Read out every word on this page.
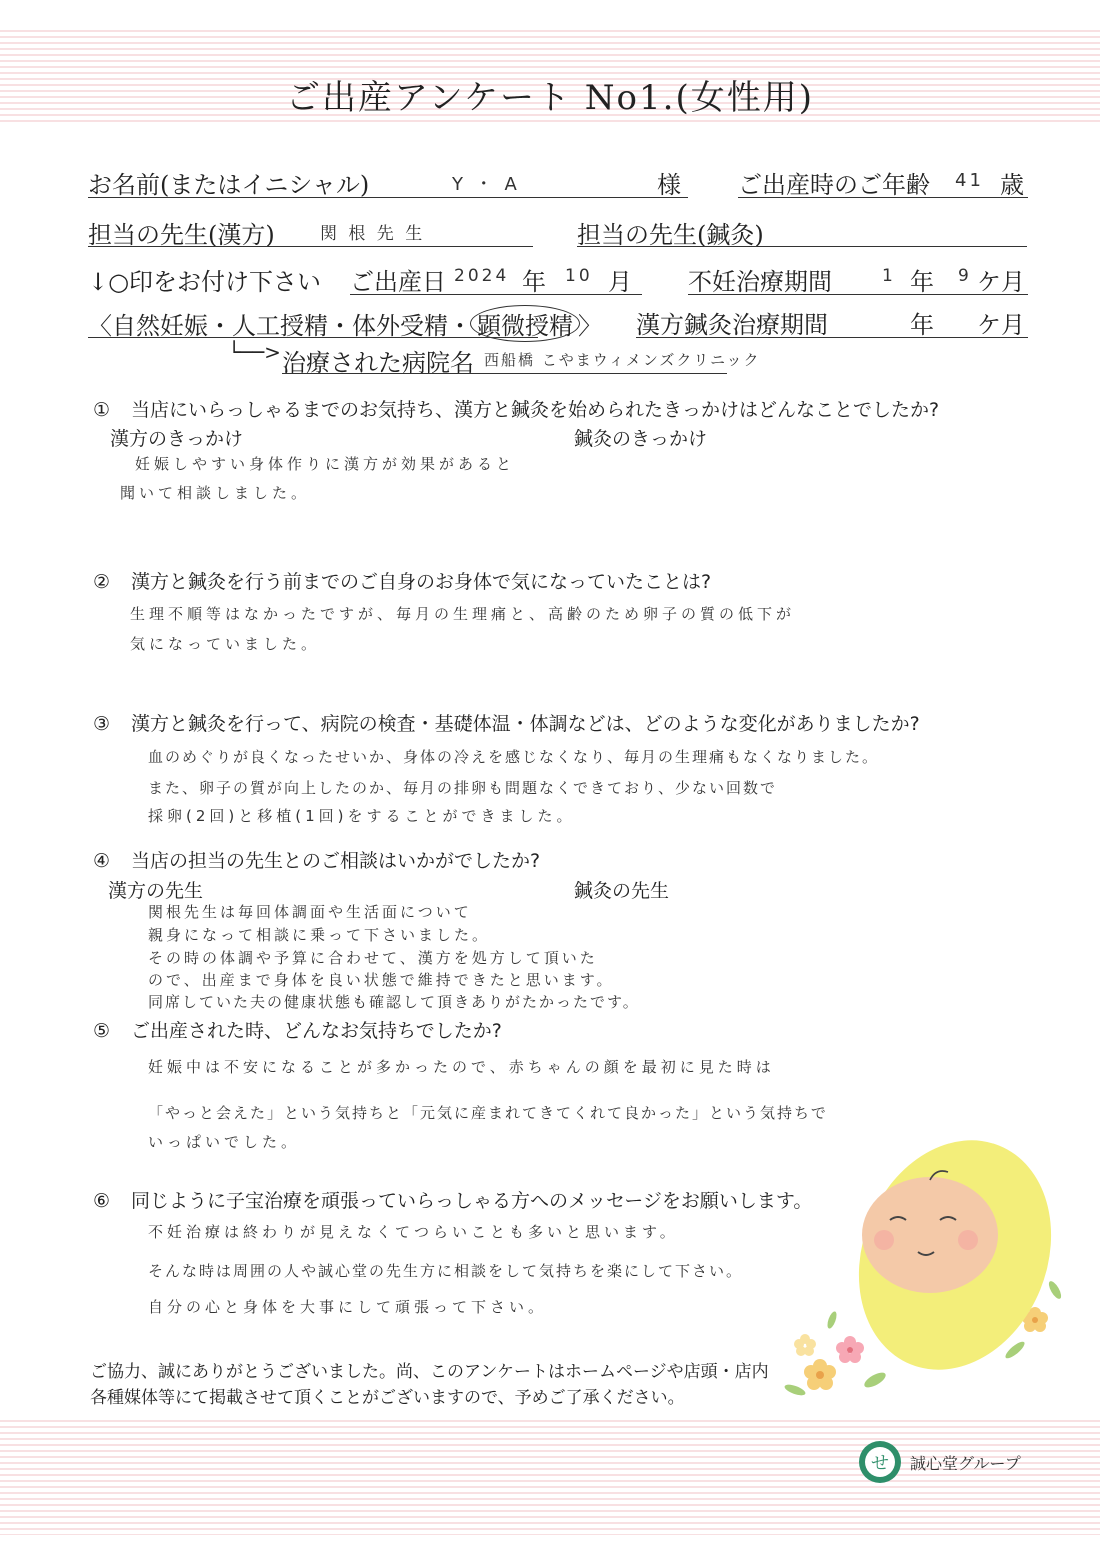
ご出産アンケート No1.(女性用)
お名前(またはイニシャル)	Y ・ A	様 ご出産時のご年齢 41 歳
担当の先生(漢方)	関 根 先 生	担当の先生(鍼灸)
↓○印をお付け下さい ご出産日 2024 年 10 月 不妊治療期間	1 年 9 ケ月
〈自然妊娠・人工授精・体外受精・ 顕微授精 〉 漢方鍼灸治療期間	年 ケ月
└──> 治療された病院名 西船橋 こやまウィメンズクリニック
① 当店にいらっしゃるまでのお気持ち、漢方と鍼灸を始められたきっかけはどんなことでしたか?
漢方のきっかけ	鍼灸のきっかけ
妊娠しやすい身体作りに漢方が効果があると
聞いて相談しました。
② 漢方と鍼灸を行う前までのご自身のお身体で気になっていたことは?
生理不順等はなかったですが、毎月の生理痛と、高齢のため卵子の質の低下が
気になっていました。
③ 漢方と鍼灸を行って、病院の検査・基礎体温・体調などは、どのような変化がありましたか?
血のめぐりが良くなったせいか、身体の冷えを感じなくなり、毎月の生理痛もなくなりました。
また、卵子の質が向上したのか、毎月の排卵も問題なくできており、少ない回数で
採卵(2回)と移植(1回)をすることができました。
④ 当店の担当の先生とのご相談はいかがでしたか?
漢方の先生	鍼灸の先生
関根先生は毎回体調面や生活面について
親身になって相談に乗って下さいました。
その時の体調や予算に合わせて、漢方を処方して頂いた
ので、出産まで身体を良い状態で維持できたと思います。
同席していた夫の健康状態も確認して頂きありがたかったです。
⑤ ご出産された時、どんなお気持ちでしたか?
妊娠中は不安になることが多かったので、赤ちゃんの顔を最初に見た時は
「やっと会えた」という気持ちと「元気に産まれてきてくれて良かった」という気持ちで
いっぱいでした。
⑥ 同じように子宝治療を頑張っていらっしゃる方へのメッセージをお願いします。
不妊治療は終わりが見えなくてつらいことも多いと思います。
そんな時は周囲の人や誠心堂の先生方に相談をして気持ちを楽にして下さい。
自分の心と身体を大事にして頑張って下さい。
ご協力、誠にありがとうございました。尚、このアンケートはホームページや店頭・店内
各種媒体等にて掲載させて頂くことがございますので、予めご了承ください。
せ 誠心堂グループ
